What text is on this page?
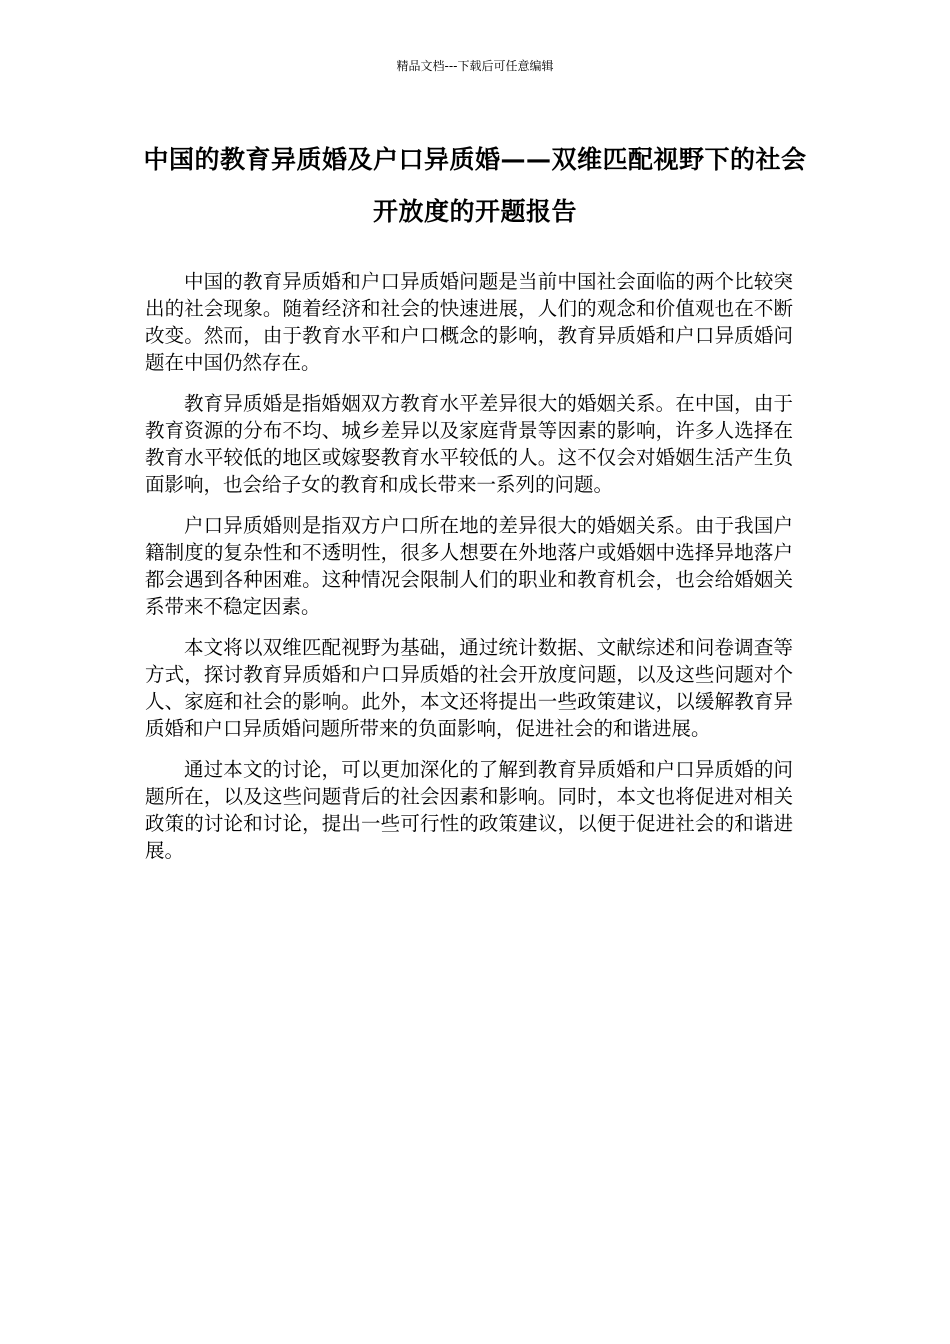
精品文档---下载后可任意编辑
中国的教育异质婚及户口异质婚——双维匹配视野下的社会开放度的开题报告

中国的教育异质婚和户口异质婚问题是当前中国社会面临的两个比较突出的社会现象。随着经济和社会的快速进展，人们的观念和价值观也在不断改变。然而，由于教育水平和户口概念的影响，教育异质婚和户口异质婚问题在中国仍然存在。

教育异质婚是指婚姻双方教育水平差异很大的婚姻关系。在中国，由于教育资源的分布不均、城乡差异以及家庭背景等因素的影响，许多人选择在教育水平较低的地区或嫁娶教育水平较低的人。这不仅会对婚姻生活产生负面影响，也会给子女的教育和成长带来一系列的问题。

户口异质婚则是指双方户口所在地的差异很大的婚姻关系。由于我国户籍制度的复杂性和不透明性，很多人想要在外地落户或婚姻中选择异地落户都会遇到各种困难。这种情况会限制人们的职业和教育机会，也会给婚姻关系带来不稳定因素。

本文将以双维匹配视野为基础，通过统计数据、文献综述和问卷调查等方式，探讨教育异质婚和户口异质婚的社会开放度问题，以及这些问题对个人、家庭和社会的影响。此外，本文还将提出一些政策建议，以缓解教育异质婚和户口异质婚问题所带来的负面影响，促进社会的和谐进展。

通过本文的讨论，可以更加深化的了解到教育异质婚和户口异质婚的问题所在，以及这些问题背后的社会因素和影响。同时，本文也将促进对相关政策的讨论和讨论，提出一些可行性的政策建议，以便于促进社会的和谐进展。
